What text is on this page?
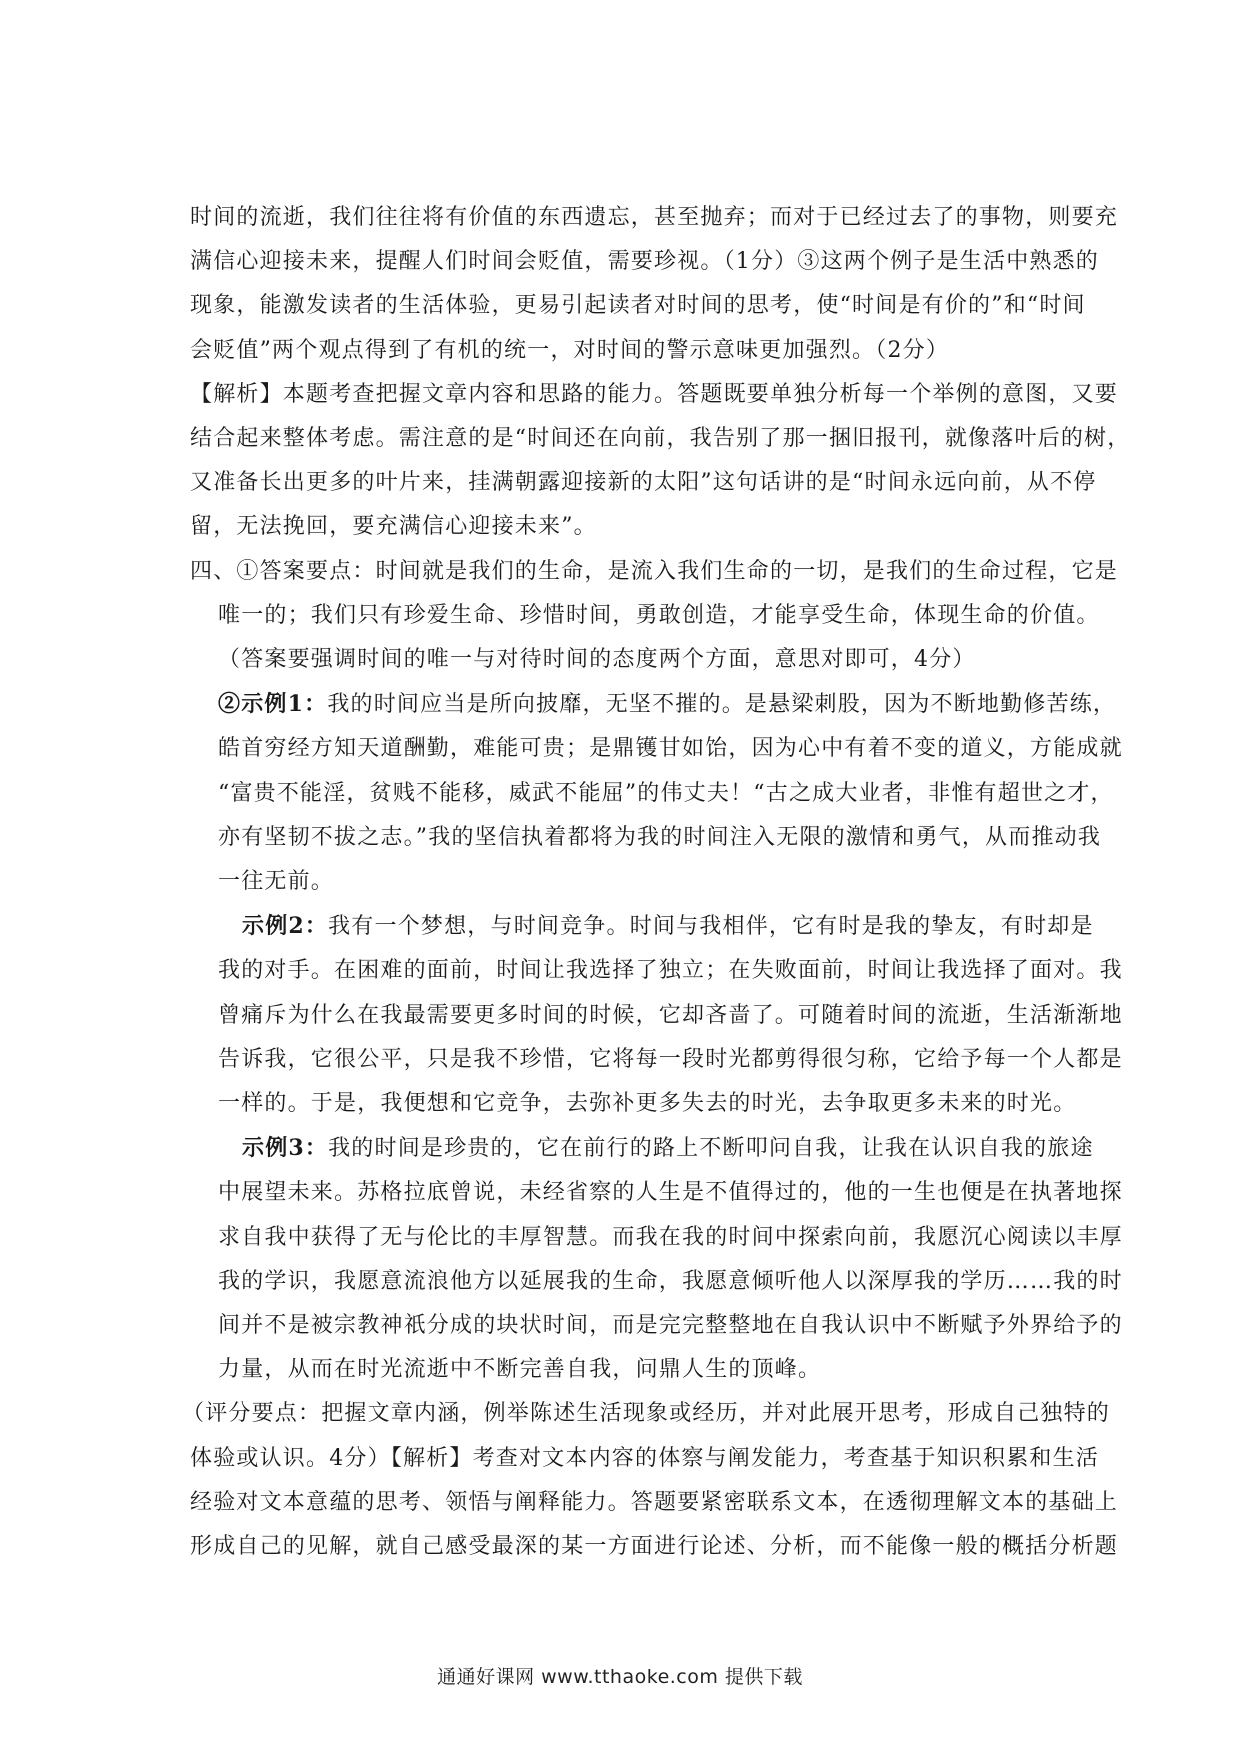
时间的流逝，我们往往将有价值的东西遗忘，甚至抛弃；而对于已经过去了的事物，则要充
满信心迎接未来，提醒人们时间会贬值，需要珍视。（1分）③这两个例子是生活中熟悉的
现象，能激发读者的生活体验，更易引起读者对时间的思考，使“时间是有价的”和“时间
会贬值”两个观点得到了有机的统一，对时间的警示意味更加强烈。（2分）
【解析】本题考查把握文章内容和思路的能力。答题既要单独分析每一个举例的意图，又要
结合起来整体考虑。需注意的是“时间还在向前，我告别了那一捆旧报刊，就像落叶后的树，
又准备长出更多的叶片来，挂满朝露迎接新的太阳”这句话讲的是“时间永远向前，从不停
留，无法挽回，要充满信心迎接未来”。
四、①答案要点：时间就是我们的生命，是流入我们生命的一切，是我们的生命过程，它是
唯一的；我们只有珍爱生命、珍惜时间，勇敢创造，才能享受生命，体现生命的价值。
（答案要强调时间的唯一与对待时间的态度两个方面，意思对即可，4分）
②示例1：我的时间应当是所向披靡，无坚不摧的。是悬梁刺股，因为不断地勤修苦练，
皓首穷经方知天道酬勤，难能可贵；是鼎镬甘如饴，因为心中有着不变的道义，方能成就
“富贵不能淫，贫贱不能移，威武不能屈”的伟丈夫！“古之成大业者，非惟有超世之才，
亦有坚韧不拔之志。”我的坚信执着都将为我的时间注入无限的激情和勇气，从而推动我
一往无前。
示例2：我有一个梦想，与时间竞争。时间与我相伴，它有时是我的挚友，有时却是
我的对手。在困难的面前，时间让我选择了独立；在失败面前，时间让我选择了面对。我
曾痛斥为什么在我最需要更多时间的时候，它却吝啬了。可随着时间的流逝，生活渐渐地
告诉我，它很公平，只是我不珍惜，它将每一段时光都剪得很匀称，它给予每一个人都是
一样的。于是，我便想和它竞争，去弥补更多失去的时光，去争取更多未来的时光。
示例3：我的时间是珍贵的，它在前行的路上不断叩问自我，让我在认识自我的旅途
中展望未来。苏格拉底曾说，未经省察的人生是不值得过的，他的一生也便是在执著地探
求自我中获得了无与伦比的丰厚智慧。而我在我的时间中探索向前，我愿沉心阅读以丰厚
我的学识，我愿意流浪他方以延展我的生命，我愿意倾听他人以深厚我的学历……我的时
间并不是被宗教神祇分成的块状时间，而是完完整整地在自我认识中不断赋予外界给予的
力量，从而在时光流逝中不断完善自我，问鼎人生的顶峰。
（评分要点：把握文章内涵，例举陈述生活现象或经历，并对此展开思考，形成自己独特的
体验或认识。4分）【解析】考查对文本内容的体察与阐发能力，考查基于知识积累和生活
经验对文本意蕴的思考、领悟与阐释能力。答题要紧密联系文本，在透彻理解文本的基础上
形成自己的见解，就自己感受最深的某一方面进行论述、分析，而不能像一般的概括分析题
通通好课网 www.tthaoke.com 提供下载
